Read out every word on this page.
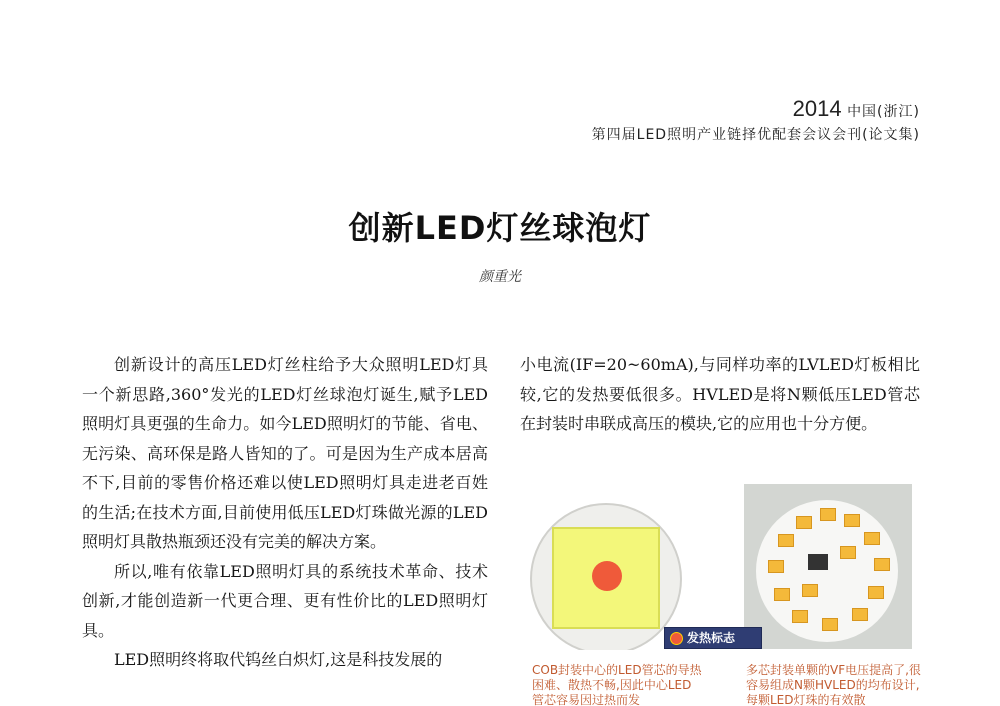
2014 中国(浙江)
第四届LED照明产业链择优配套会议会刊(论文集)
创新LED灯丝球泡灯
颜重光

创新设计的高压LED灯丝柱给予大众照明LED灯具一个新思路,360°发光的LED灯丝球泡灯诞生,赋予LED照明灯具更强的生命力。如今LED照明灯的节能、省电、无污染、高环保是路人皆知的了。可是因为生产成本居高不下,目前的零售价格还难以使LED照明灯具走进老百姓的生活;在技术方面,目前使用低压LED灯珠做光源的LED照明灯具散热瓶颈还没有完美的解决方案。

所以,唯有依靠LED照明灯具的系统技术革命、技术创新,才能创造新一代更合理、更有性价比的LED照明灯具。

LED照明终将取代钨丝白炽灯,这是科技发展的

小电流(IF=20~60mA),与同样功率的LVLED灯板相比较,它的发热要低很多。HVLED是将N颗低压LED管芯在封装时串联成高压的模块,它的应用也十分方便。

发热标志
COB封装中心的LED管芯的导热困难、散热不畅,因此中心LED管芯容易因过热而发
多芯封装单颗的VF电压提高了,很容易组成N颗HVLED的均布设计,每颗LED灯珠的有效散
